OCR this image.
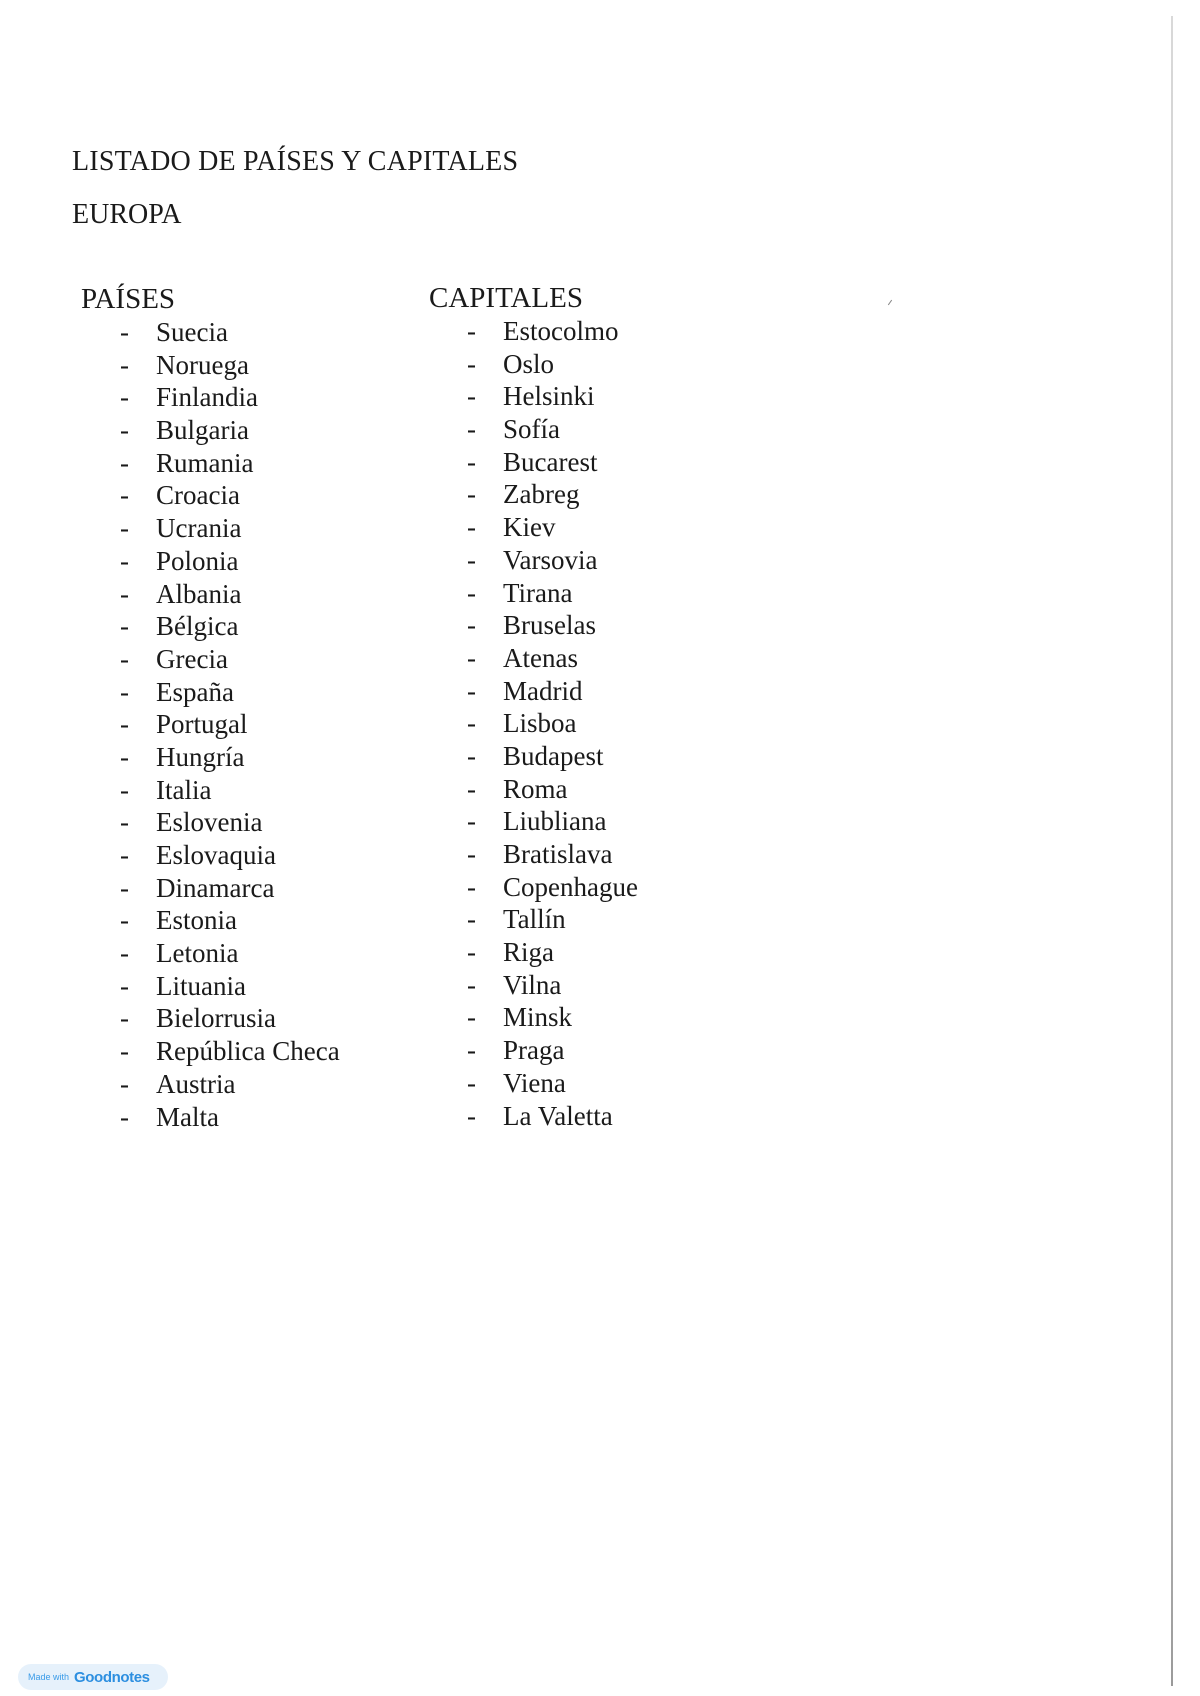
LISTADO DE PAÍSES Y CAPITALES
EUROPA
PAÍSES
- Suecia
- Noruega
- Finlandia
- Bulgaria
- Rumania
- Croacia
- Ucrania
- Polonia
- Albania
- Bélgica
- Grecia
- España
- Portugal
- Hungría
- Italia
- Eslovenia
- Eslovaquia
- Dinamarca
- Estonia
- Letonia
- Lituania
- Bielorrusia
- República Checa
- Austria
- Malta
CAPITALES
- Estocolmo
- Oslo
- Helsinki
- Sofía
- Bucarest
- Zabreg
- Kiev
- Varsovia
- Tirana
- Bruselas
- Atenas
- Madrid
- Lisboa
- Budapest
- Roma
- Liubliana
- Bratislava
- Copenhague
- Tallín
- Riga
- Vilna
- Minsk
- Praga
- Viena
- La Valetta
Made with Goodnotes
